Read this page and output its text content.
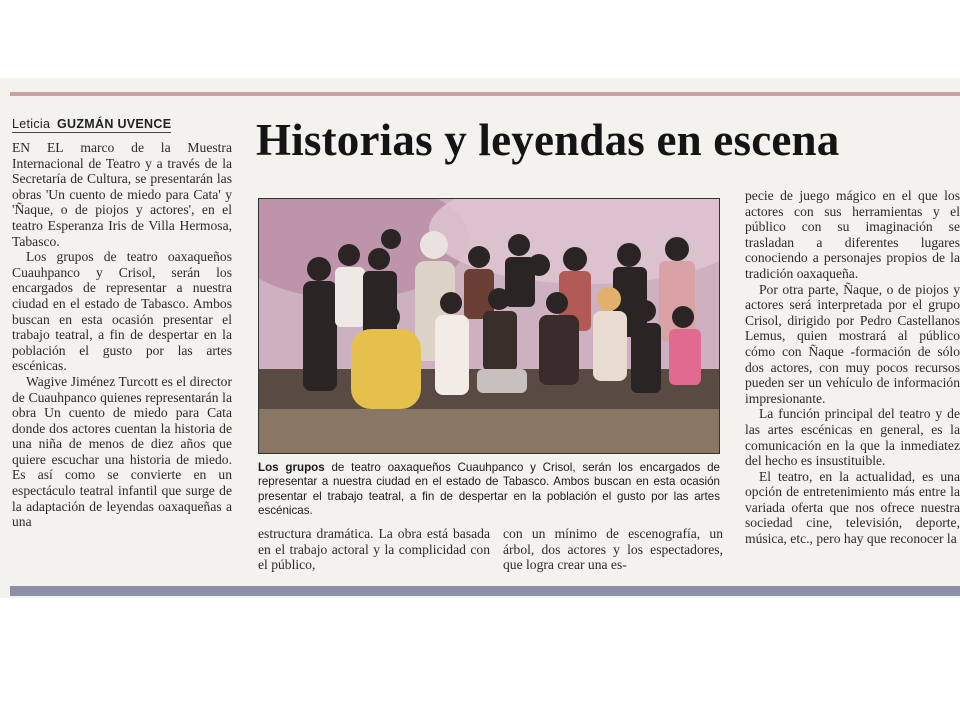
Leticia GUZMÁN UVENCE Historias y leyendas en escena

EN EL marco de la Muestra Internacional de Teatro y a través de la Secretaría de Cultura, se presentarán las obras 'Un cuento de miedo para Cata' y 'Ñaque, o de piojos y actores', en el teatro Esperanza Iris de Villa Hermosa, Tabasco.

Los grupos de teatro oaxaqueños Cuauhpanco y Crisol, serán los encargados de representar a nuestra ciudad en el estado de Tabasco. Ambos buscan en esta ocasión presentar el trabajo teatral, a fin de despertar en la población el gusto por las artes escénicas.

Wagive Jiménez Turcott es el director de Cuauhpanco quienes representarán la obra Un cuento de miedo para Cata donde dos actores cuentan la historia de una niña de menos de diez años que quiere escuchar una historia de miedo. Es así como se convierte en un espectáculo teatral infantil que surge de la adaptación de leyendas oaxaqueñas a una

Los grupos de teatro oaxaqueños Cuauhpanco y Crisol, serán los encargados de representar a nuestra ciudad en el estado de Tabasco. Ambos buscan en esta ocasión presentar el trabajo teatral, a fin de despertar en la población el gusto por las artes escénicas.

estructura dramática. La obra está basada en el trabajo actoral y la complicidad con el público,

con un mínimo de escenografía, un árbol, dos actores y los espectadores, que logra crear una es-

pecie de juego mágico en el que los actores con sus herramientas y el público con su imaginación se trasladan a diferentes lugares conociendo a personajes propios de la tradición oaxaqueña.

Por otra parte, Ñaque, o de piojos y actores será interpretada por el grupo Crisol, dirigido por Pedro Castellanos Lemus, quien mostrará al público cómo con Ñaque -formación de sólo dos actores, con muy pocos recursos pueden ser un vehículo de información impresionante.

La función principal del teatro y de las artes escénicas en general, es la comunicación en la que la inmediatez del hecho es insustituible.

El teatro, en la actualidad, es una opción de entretenimiento más entre la variada oferta que nos ofrece nuestra sociedad cine, televisión, deporte, música, etc., pero hay que reconocer la
